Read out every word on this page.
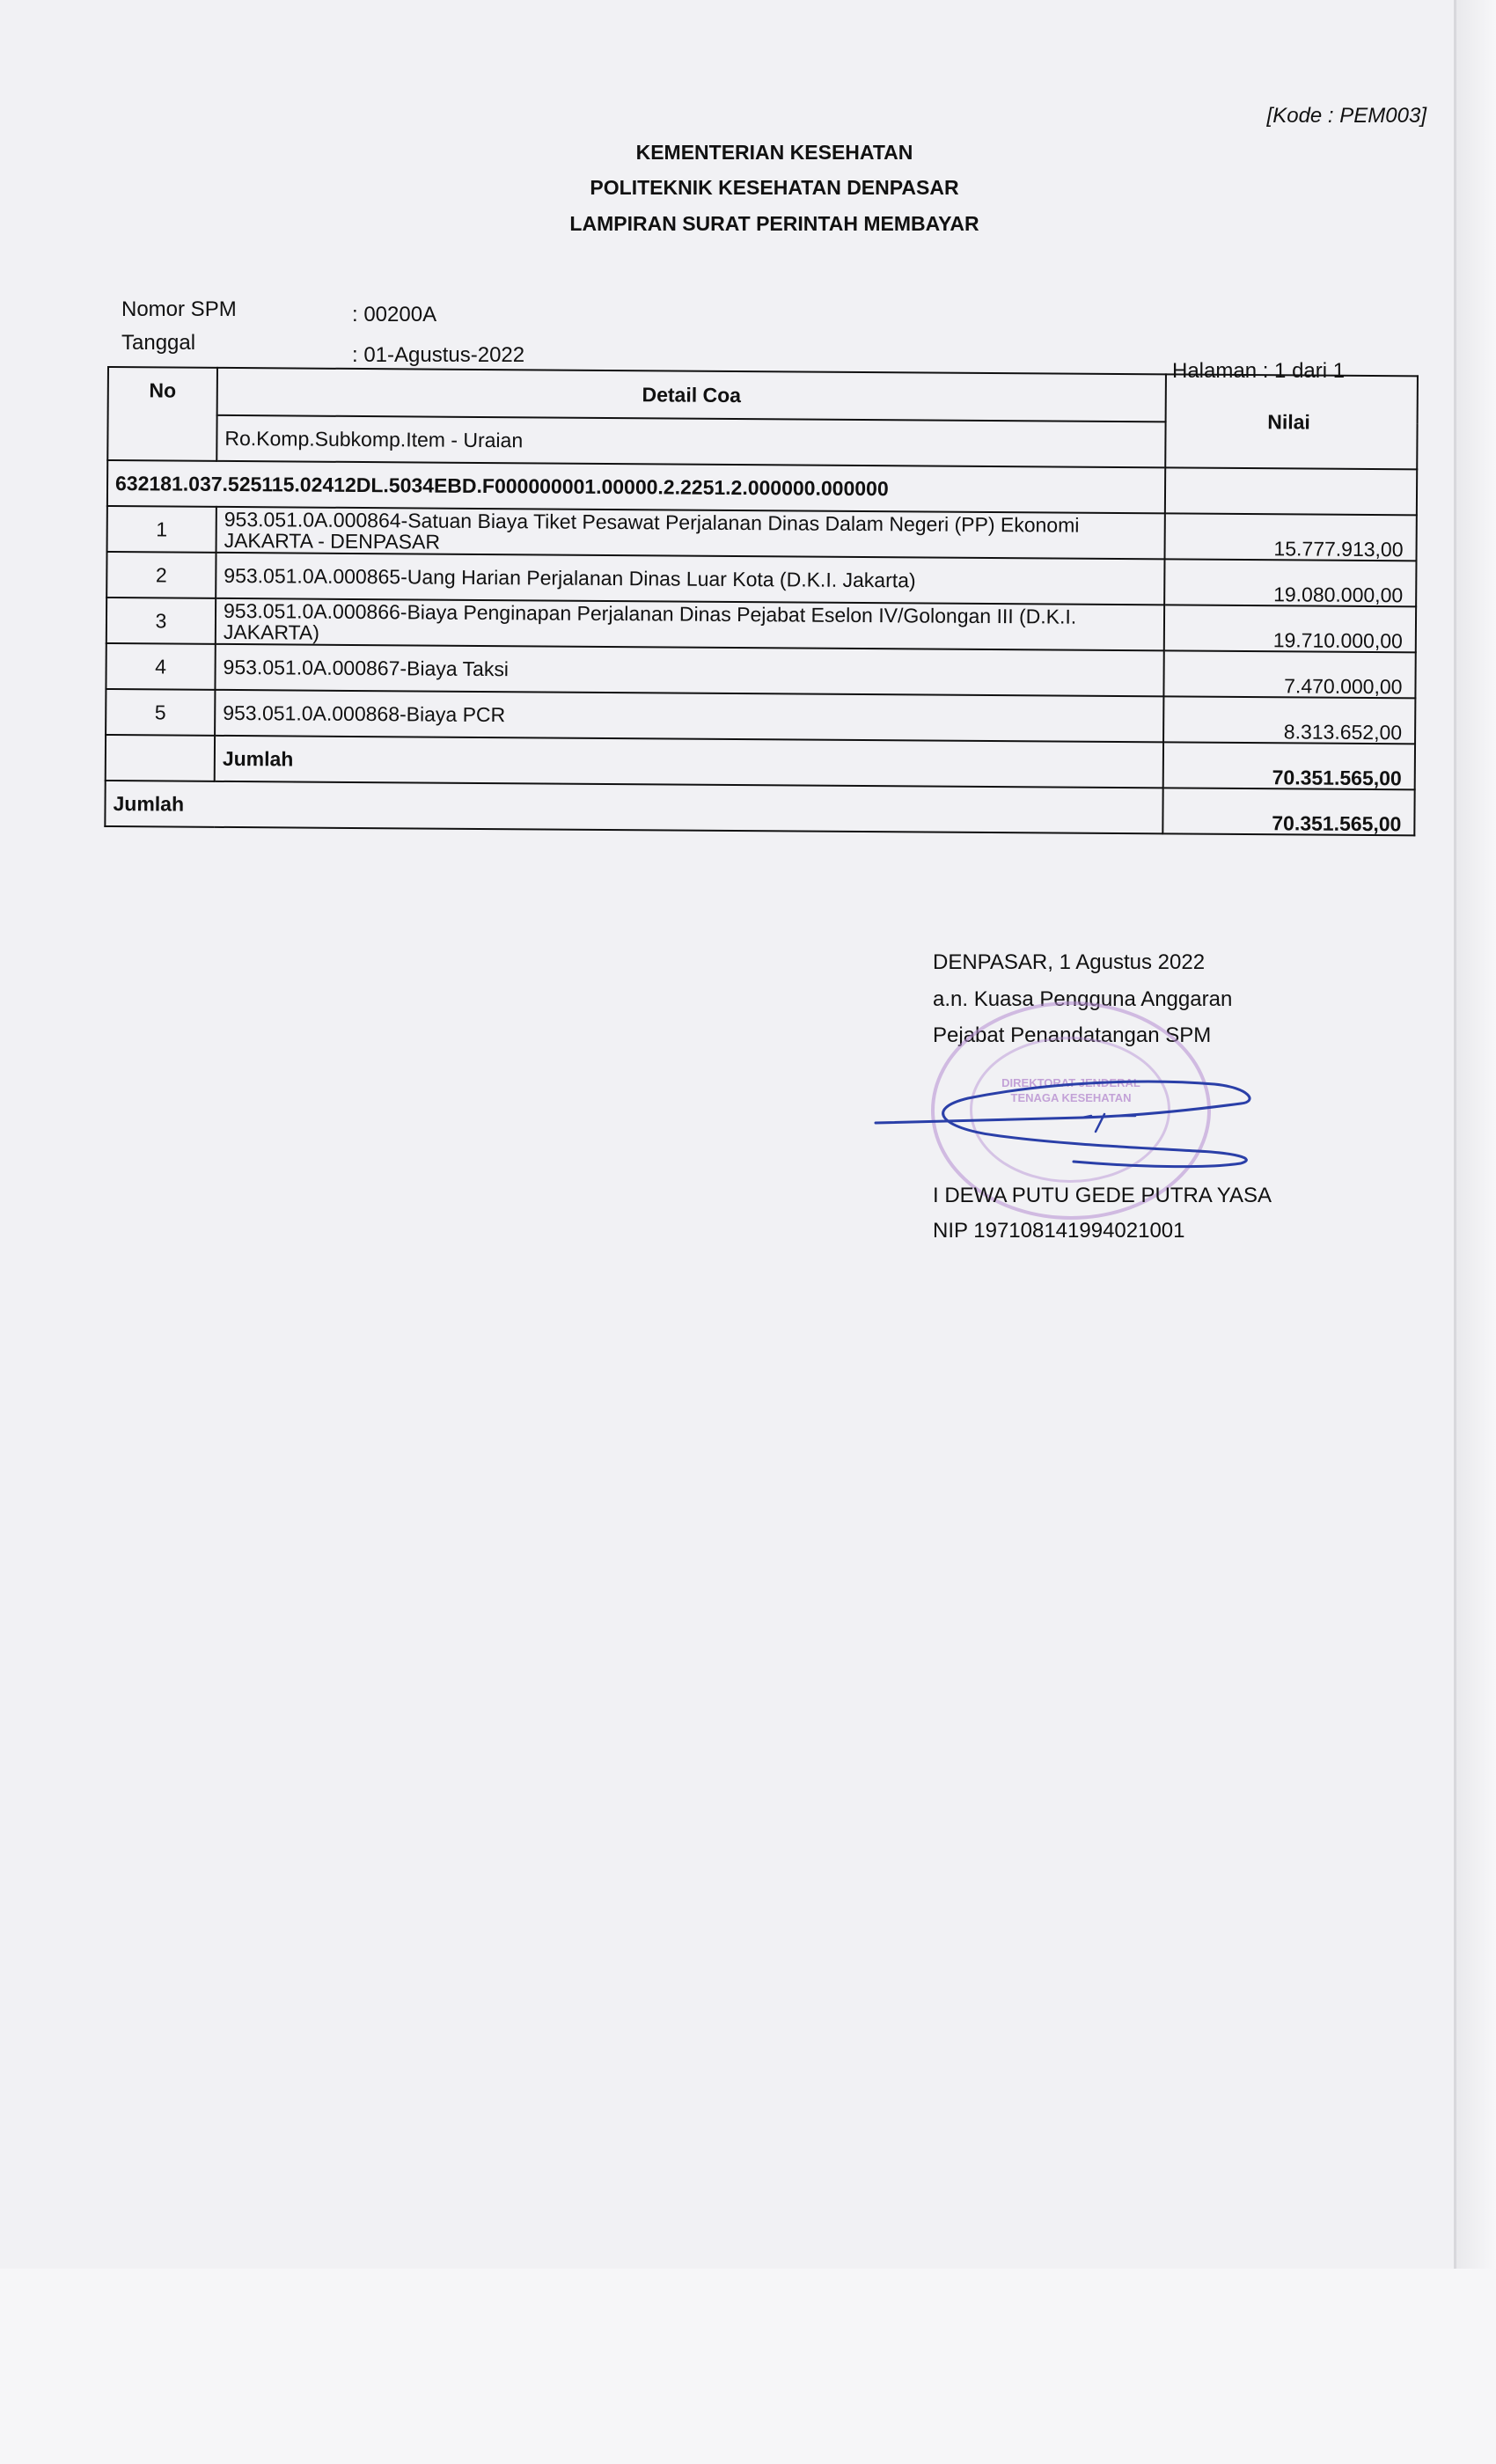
[Kode : PEM003]
KEMENTERIAN KESEHATAN
POLITEKNIK KESEHATAN DENPASAR
LAMPIRAN SURAT PERINTAH MEMBAYAR
Nomor SPM	: 00200A
Tanggal
: 01-Agustus-2022
Halaman : 1 dari 1
No	Detail Coa	Nilai
	Ro.Komp.Subkomp.Item - Uraian	
632181.037.525115.02412DL.5034EBD.F000000001.00000.2.2251.2.000000.000000		
1	953.051.0A.000864-Satuan Biaya Tiket Pesawat Perjalanan Dinas Dalam Negeri (PP) Ekonomi JAKARTA - DENPASAR	15.777.913,00
2	953.051.0A.000865-Uang Harian Perjalanan Dinas Luar Kota (D.K.I. Jakarta)	19.080.000,00
3	953.051.0A.000866-Biaya Penginapan Perjalanan Dinas Pejabat Eselon IV/Golongan III (D.K.I. JAKARTA)	19.710.000,00
4	953.051.0A.000867-Biaya Taksi	7.470.000,00
5	953.051.0A.000868-Biaya PCR	8.313.652,00
	Jumlah	70.351.565,00
Jumlah		70.351.565,00
DENPASAR, 1 Agustus 2022
a.n. Kuasa Pengguna Anggaran
Pejabat Penandatangan SPM
DIREKTORAT JENDERAL TENAGA KESEHATAN
I DEWA PUTU GEDE PUTRA YASA
NIP 197108141994021001
